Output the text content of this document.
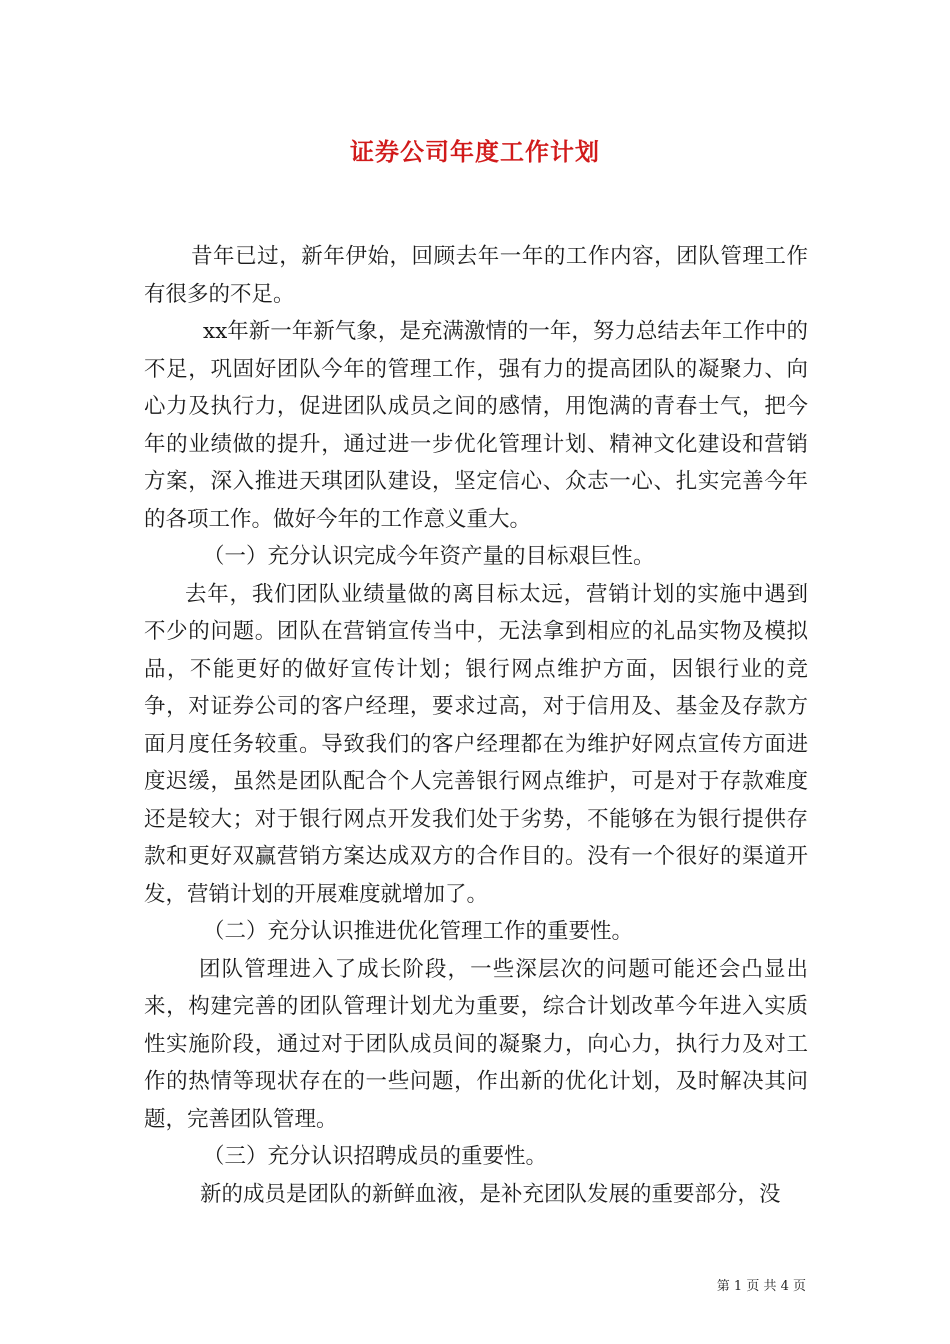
证券公司年度工作计划

昔年已过，新年伊始，回顾去年一年的工作内容，团队管理工作有很多的不足。

xx年新一年新气象，是充满激情的一年，努力总结去年工作中的不足，巩固好团队今年的管理工作，强有力的提高团队的凝聚力、向心力及执行力，促进团队成员之间的感情，用饱满的青春士气，把今年的业绩做的提升，通过进一步优化管理计划、精神文化建设和营销方案，深入推进天琪团队建设，坚定信心、众志一心、扎实完善今年的各项工作。做好今年的工作意义重大。

（一）充分认识完成今年资产量的目标艰巨性。

去年，我们团队业绩量做的离目标太远，营销计划的实施中遇到不少的问题。团队在营销宣传当中，无法拿到相应的礼品实物及模拟品，不能更好的做好宣传计划；银行网点维护方面，因银行业的竞争，对证券公司的客户经理，要求过高，对于信用及、基金及存款方面月度任务较重。导致我们的客户经理都在为维护好网点宣传方面进度迟缓，虽然是团队配合个人完善银行网点维护，可是对于存款难度还是较大；对于银行网点开发我们处于劣势，不能够在为银行提供存款和更好双赢营销方案达成双方的合作目的。没有一个很好的渠道开发，营销计划的开展难度就增加了。

（二）充分认识推进优化管理工作的重要性。

团队管理进入了成长阶段，一些深层次的问题可能还会凸显出来，构建完善的团队管理计划尤为重要，综合计划改革今年进入实质性实施阶段，通过对于团队成员间的凝聚力，向心力，执行力及对工作的热情等现状存在的一些问题，作出新的优化计划，及时解决其问题，完善团队管理。

（三）充分认识招聘成员的重要性。

新的成员是团队的新鲜血液，是补充团队发展的重要部分，没

第 1 页 共 4 页
